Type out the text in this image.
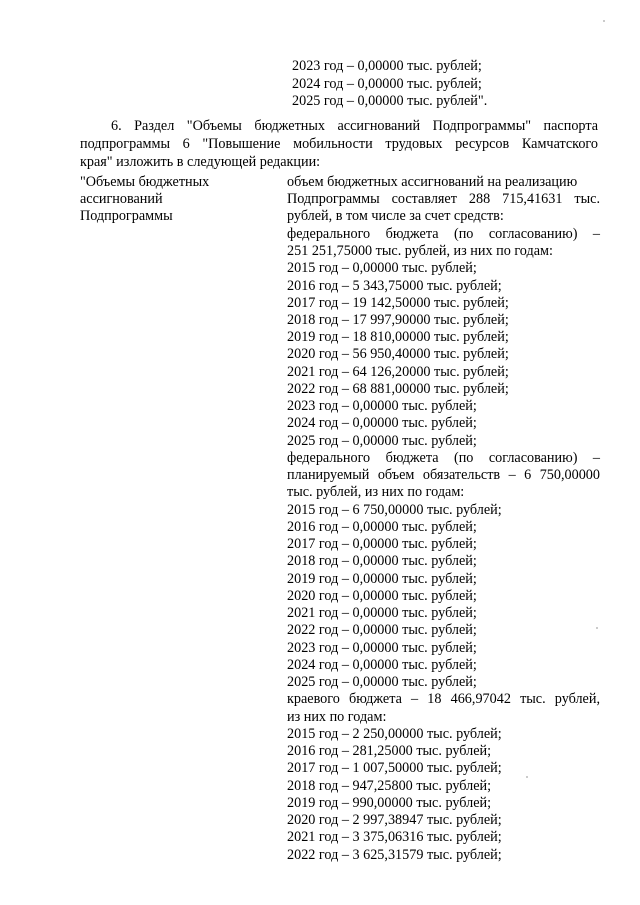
2023 год – 0,00000 тыс. рублей;
2024 год – 0,00000 тыс. рублей;
2025 год – 0,00000 тыс. рублей".
6. Раздел "Объемы бюджетных ассигнований Подпрограммы" паспорта
подпрограммы 6 "Повышение мобильности трудовых ресурсов Камчатского
края" изложить в следующей редакции:
"Объемы бюджетных
ассигнований
Подпрограммы
объем бюджетных ассигнований на реализацию
Подпрограммы составляет 288 715,41631 тыс.
рублей, в том числе за счет средств:
федерального бюджета (по согласованию) –
251 251,75000 тыс. рублей, из них по годам:
2015 год – 0,00000 тыс. рублей;
2016 год – 5 343,75000 тыс. рублей;
2017 год – 19 142,50000 тыс. рублей;
2018 год – 17 997,90000 тыс. рублей;
2019 год – 18 810,00000 тыс. рублей;
2020 год – 56 950,40000 тыс. рублей;
2021 год – 64 126,20000 тыс. рублей;
2022 год – 68 881,00000 тыс. рублей;
2023 год – 0,00000 тыс. рублей;
2024 год – 0,00000 тыс. рублей;
2025 год – 0,00000 тыс. рублей;
федерального бюджета (по согласованию) –
планируемый объем обязательств – 6 750,00000
тыс. рублей, из них по годам:
2015 год – 6 750,00000 тыс. рублей;
2016 год – 0,00000 тыс. рублей;
2017 год – 0,00000 тыс. рублей;
2018 год – 0,00000 тыс. рублей;
2019 год – 0,00000 тыс. рублей;
2020 год – 0,00000 тыс. рублей;
2021 год – 0,00000 тыс. рублей;
2022 год – 0,00000 тыс. рублей;
2023 год – 0,00000 тыс. рублей;
2024 год – 0,00000 тыс. рублей;
2025 год – 0,00000 тыс. рублей;
краевого бюджета – 18 466,97042 тыс. рублей,
из них по годам:
2015 год – 2 250,00000 тыс. рублей;
2016 год – 281,25000 тыс. рублей;
2017 год – 1 007,50000 тыс. рублей;
2018 год – 947,25800 тыс. рублей;
2019 год – 990,00000 тыс. рублей;
2020 год – 2 997,38947 тыс. рублей;
2021 год – 3 375,06316 тыс. рублей;
2022 год – 3 625,31579 тыс. рублей;
